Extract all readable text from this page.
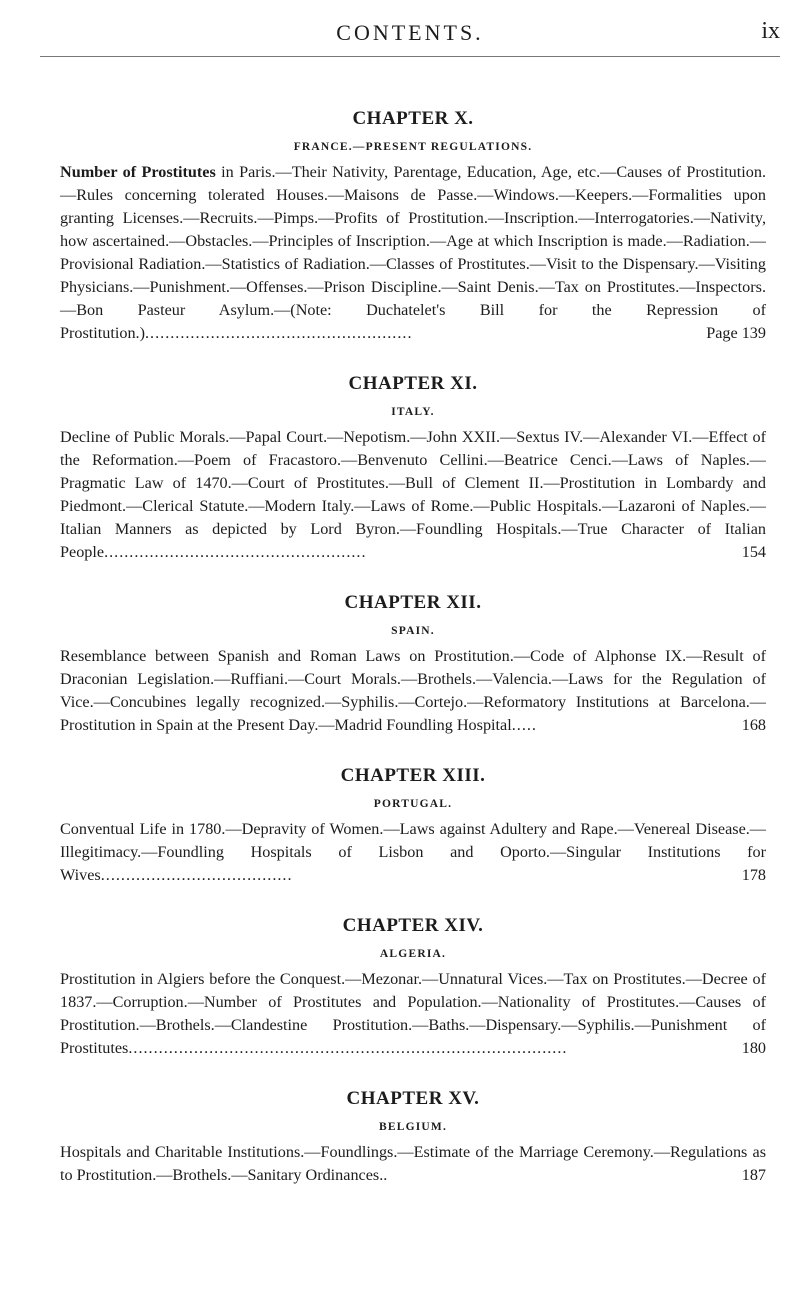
CONTENTS.	ix
CHAPTER X.
FRANCE.—PRESENT REGULATIONS.

Number of Prostitutes in Paris.—Their Nativity, Parentage, Education, Age, etc.—Causes of Prostitution.—Rules concerning tolerated Houses.—Maisons de Passe.—Windows.—Keepers.—Formalities upon granting Licenses.—Recruits.—Pimps.—Profits of Prostitution.—Inscription.—Interrogatories.—Nativity, how ascertained.—Obstacles.—Principles of Inscription.—Age at which Inscription is made.—Radiation.—Provisional Radiation.—Statistics of Radiation.—Classes of Prostitutes.—Visit to the Dispensary.—Visiting Physicians.—Punishment.—Offenses.—Prison Discipline.—Saint Denis.—Tax on Prostitutes.—Inspectors.—Bon Pasteur Asylum.—(Note: Duchatelet's Bill for the Repression of Prostitution.).....................................................	Page 139

CHAPTER XI.
ITALY.

Decline of Public Morals.—Papal Court.—Nepotism.—John XXII.—Sextus IV.—Alexander VI.—Effect of the Reformation.—Poem of Fracastoro.—Benvenuto Cellini.—Beatrice Cenci.—Laws of Naples.—Pragmatic Law of 1470.—Court of Prostitutes.—Bull of Clement II.—Prostitution in Lombardy and Piedmont.—Clerical Statute.—Modern Italy.—Laws of Rome.—Public Hospitals.—Lazaroni of Naples.—Italian Manners as depicted by Lord Byron.—Foundling Hospitals.—True Character of Italian People....................................................	154

CHAPTER XII.
SPAIN.

Resemblance between Spanish and Roman Laws on Prostitution.—Code of Alphonse IX.—Result of Draconian Legislation.—Ruffiani.—Court Morals.—Brothels.—Valencia.—Laws for the Regulation of Vice.—Concubines legally recognized.—Syphilis.—Cortejo.—Reformatory Institutions at Barcelona.—Prostitution in Spain at the Present Day.—Madrid Foundling Hospital.....	168

CHAPTER XIII.
PORTUGAL.

Conventual Life in 1780.—Depravity of Women.—Laws against Adultery and Rape.—Venereal Disease.—Illegitimacy.—Foundling Hospitals of Lisbon and Oporto.—Singular Institutions for Wives......................................	178

CHAPTER XIV.
ALGERIA.

Prostitution in Algiers before the Conquest.—Mezonar.—Unnatural Vices.—Tax on Prostitutes.—Decree of 1837.—Corruption.—Number of Prostitutes and Population.—Nationality of Prostitutes.—Causes of Prostitution.—Brothels.—Clandestine Prostitution.—Baths.—Dispensary.—Syphilis.—Punishment of Prostitutes.......................................................................................	180

CHAPTER XV.
BELGIUM.

Hospitals and Charitable Institutions.—Foundlings.—Estimate of the Marriage Ceremony.—Regulations as to Prostitution.—Brothels.—Sanitary Ordinances..	187
